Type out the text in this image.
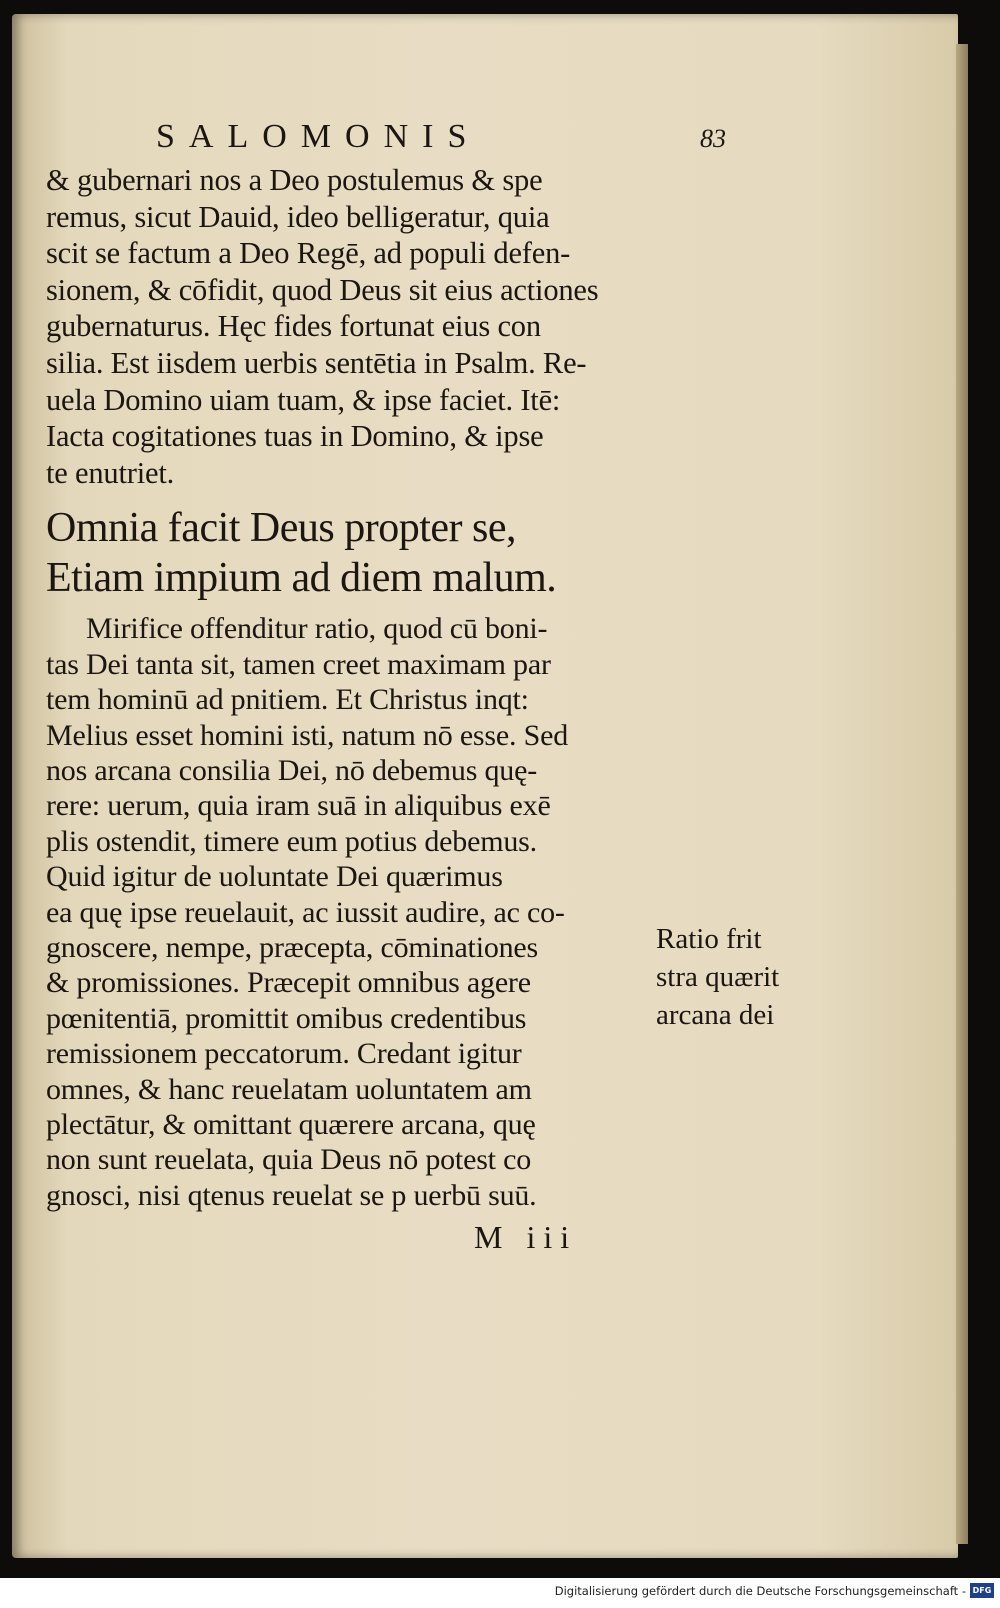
SALOMONIS	83
& gubernari nos a Deo postulemus & spe
remus, sicut Dauid, ideo belligeratur, quia
scit se factum a Deo Regē, ad populi defen-
sionem, & cōfidit, quod Deus sit eius actiones
gubernaturus. Hęc fides fortunat eius con
silia. Est iisdem uerbis sentētia in Psalm. Re-
uela Domino uiam tuam, & ipse faciet. Itē:
Iacta cogitationes tuas in Domino, & ipse
te enutriet.
Omnia facit Deus propter se,
Etiam impium ad diem malum.
Mirifice offenditur ratio, quod cū boni-
tas Dei tanta sit, tamen creet maximam par
tem hominū ad pnitiem. Et Christus inqt:
Melius esset homini isti, natum nō esse. Sed
nos arcana consilia Dei, nō debemus quę-
rere: uerum, quia iram suā in aliquibus exē
plis ostendit, timere eum potius debemus.
Quid igitur de uoluntate Dei quærimus
ea quę ipse reuelauit, ac iussit audire, ac co-
gnoscere, nempe, præcepta, cōminationes
& promissiones. Præcepit omnibus agere
pœnitentiā, promittit omibus credentibus
remissionem peccatorum. Credant igitur
omnes, & hanc reuelatam uoluntatem am
plectātur, & omittant quærere arcana, quę
non sunt reuelata, quia Deus nō potest co
gnosci, nisi qtenus reuelat se p uerbū suū.
M iii
Ratio frit
stra quærit
arcana dei
Digitalisierung gefördert durch die Deutsche Forschungsgemeinschaft - DFG
